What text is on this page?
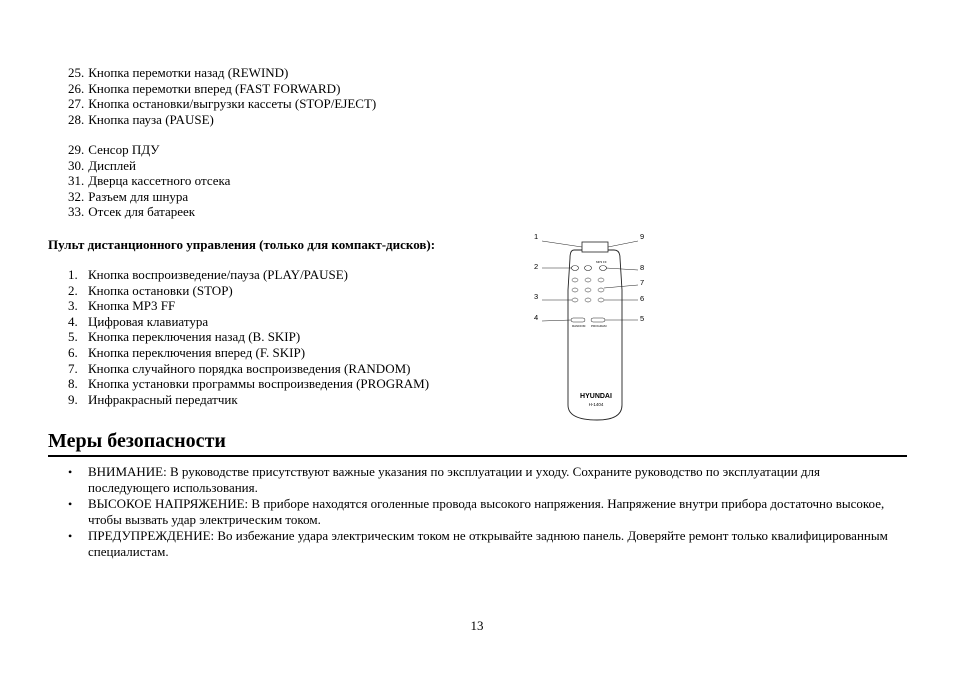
25. Кнопка перемотки назад (REWIND)
26. Кнопка перемотки вперед (FAST FORWARD)
27. Кнопка остановки/выгрузки кассеты (STOP/EJECT)
28. Кнопка пауза (PAUSE)
29. Сенсор ПДУ
30. Дисплей
31. Дверца кассетного отсека
32. Разъем для шнура
33. Отсек для батареек
Пульт дистанционного управления (только для компакт-дисков):
1. Кнопка воспроизведение/пауза (PLAY/PAUSE)
2. Кнопка остановки (STOP)
3. Кнопка MP3 FF
4. Цифровая клавиатура
5. Кнопка переключения назад (B. SKIP)
6. Кнопка переключения вперед (F. SKIP)
7. Кнопка случайного порядка воспроизведения (RANDOM)
8. Кнопка установки программы воспроизведения (PROGRAM)
9. Инфракрасный передатчик
MP3 FF
RANDOM PROGRAM
HYUNDAI
H-1404
1
2
3
4
9
8
7
6
5
Меры безопасности
• ВНИМАНИЕ: В руководстве присутствуют важные указания по эксплуатации и уходу. Сохраните руководство по эксплуатации для последующего использования.
• ВЫСОКОЕ НАПРЯЖЕНИЕ: В приборе находятся оголенные провода высокого напряжения. Напряжение внутри прибора достаточно высокое, чтобы вызвать удар электрическим током.
• ПРЕДУПРЕЖДЕНИЕ: Во избежание удара электрическим током не открывайте заднюю панель. Доверяйте ремонт только квалифицированным специалистам.
13
